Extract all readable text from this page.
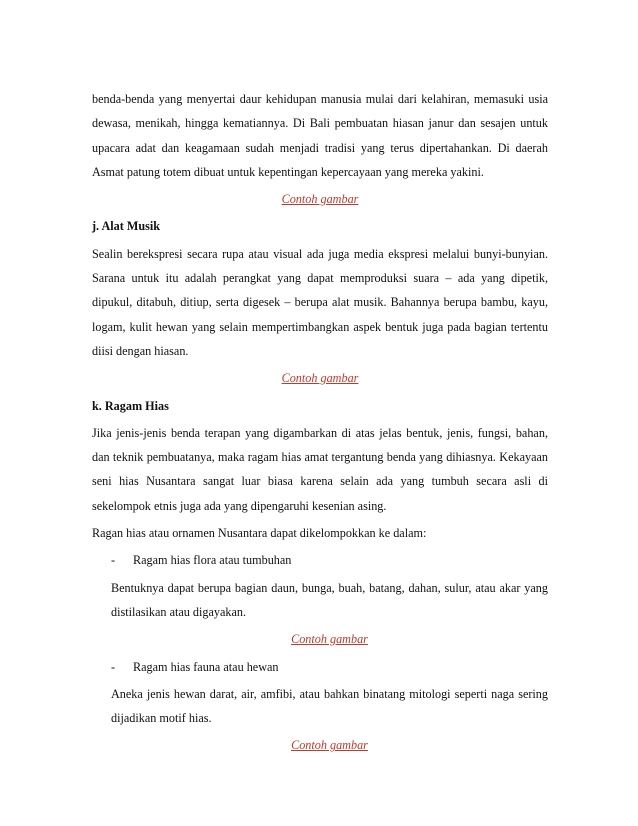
benda-benda yang menyertai daur kehidupan manusia mulai dari kelahiran, memasuki usia dewasa, menikah, hingga kematiannya. Di Bali pembuatan hiasan janur dan sesajen untuk upacara adat dan keagamaan sudah menjadi tradisi yang terus dipertahankan. Di daerah Asmat patung totem dibuat untuk kepentingan kepercayaan yang mereka yakini.

Contoh gambar
j. Alat Musik

Sealin berekspresi secara rupa atau visual ada juga media ekspresi melalui bunyi-bunyian. Sarana untuk itu adalah perangkat yang dapat memproduksi suara – ada yang dipetik, dipukul, ditabuh, ditiup, serta digesek – berupa alat musik. Bahannya berupa bambu, kayu, logam, kulit hewan yang selain mempertimbangkan aspek bentuk juga pada bagian tertentu diisi dengan hiasan.

Contoh gambar
k. Ragam Hias

Jika jenis-jenis benda terapan yang digambarkan di atas jelas bentuk, jenis, fungsi, bahan, dan teknik pembuatanya, maka ragam hias amat tergantung benda yang dihiasnya. Kekayaan seni hias Nusantara sangat luar biasa karena selain ada yang tumbuh secara asli di sekelompok etnis juga ada yang dipengaruhi kesenian asing.

Ragan hias atau ornamen Nusantara dapat dikelompokkan ke dalam:

- Ragam hias flora atau tumbuhan

Bentuknya dapat berupa bagian daun, bunga, buah, batang, dahan, sulur, atau akar yang distilasikan atau digayakan.

Contoh gambar
- Ragam hias fauna atau hewan

Aneka jenis hewan darat, air, amfibi, atau bahkan binatang mitologi seperti naga sering dijadikan motif hias.

Contoh gambar
